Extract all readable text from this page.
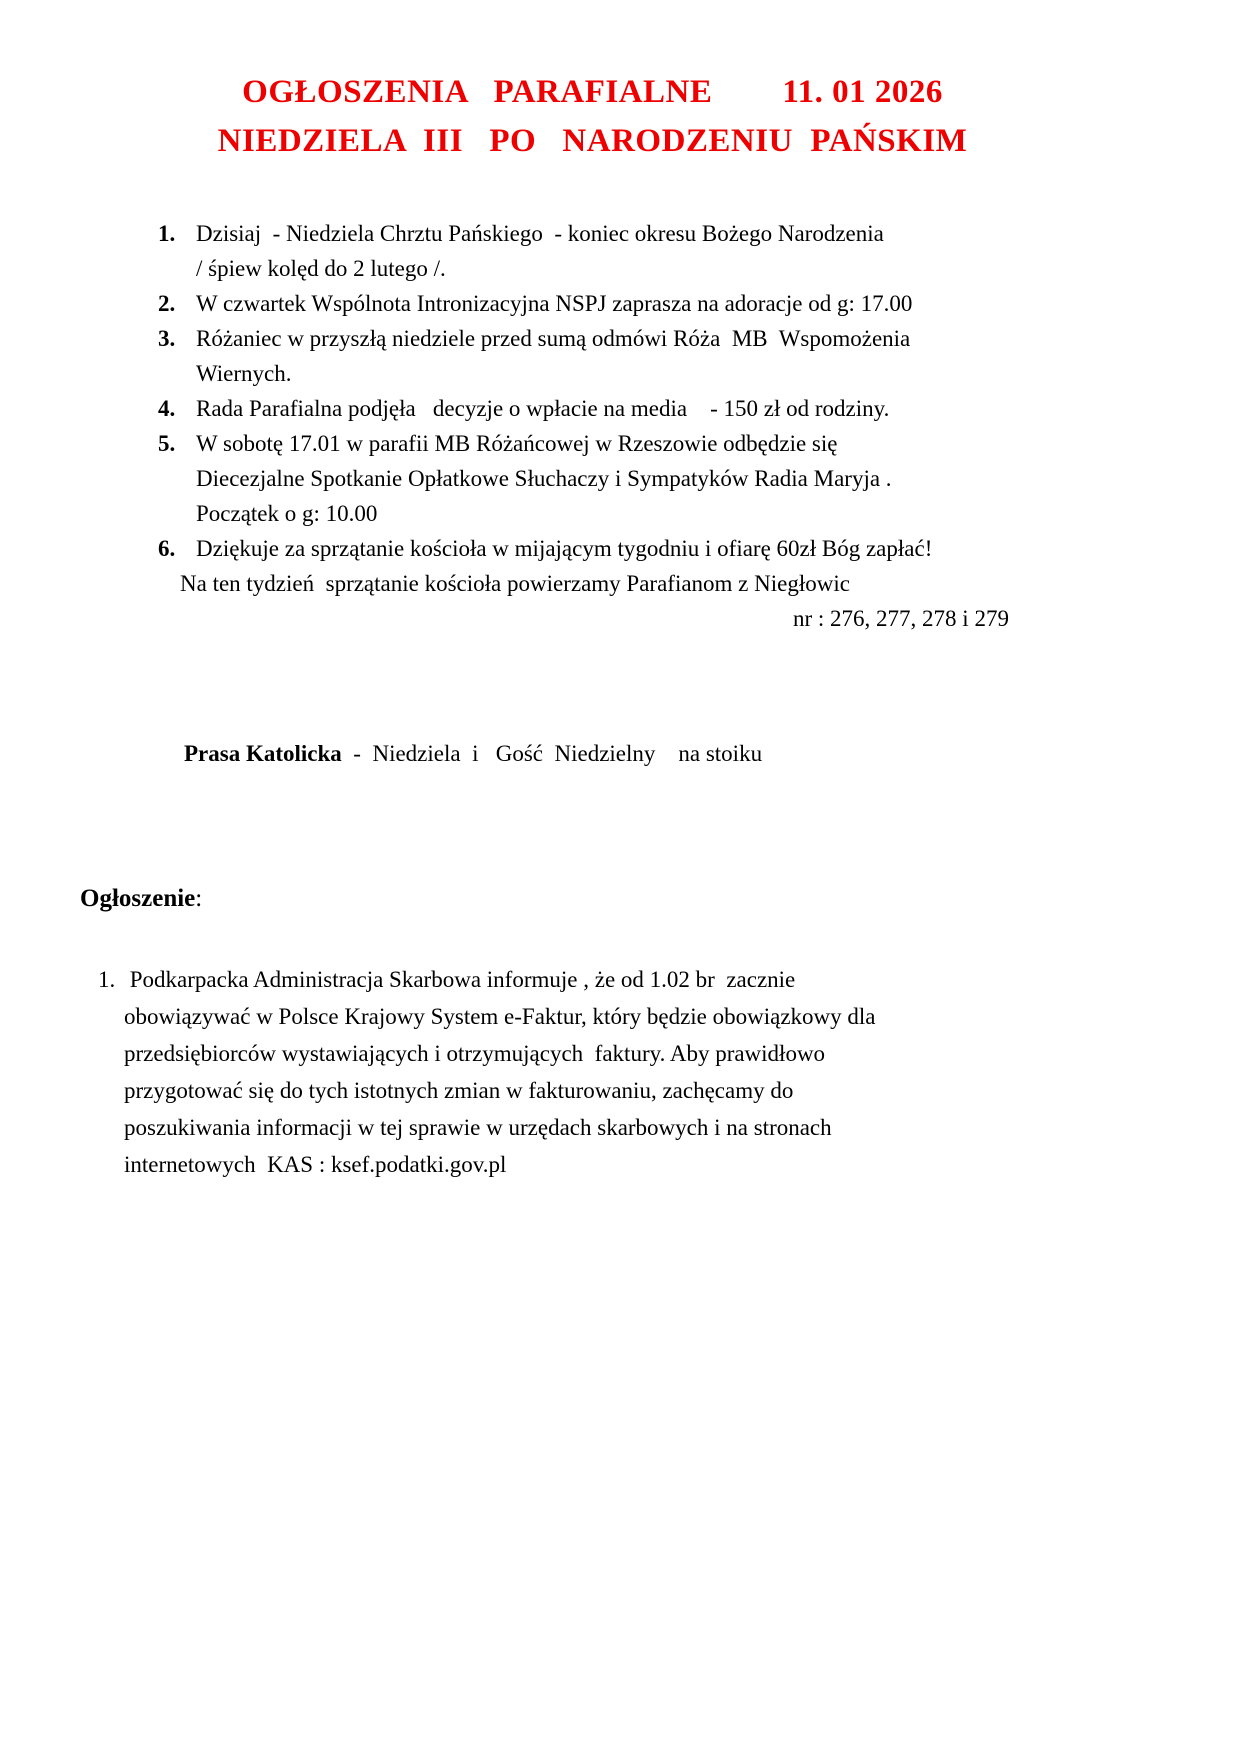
OGŁOSZENIA   PARAFIALNE        11. 01 2026
NIEDZIELA  III   PO   NARODZENIU  PAŃSKIM
1. Dzisiaj  - Niedziela Chrztu Pańskiego  - koniec okresu Bożego Narodzenia
/ śpiew kolęd do 2 lutego /.
2. W czwartek Wspólnota Intronizacyjna NSPJ zaprasza na adoracje od g: 17.00
3. Różaniec w przyszłą niedziele przed sumą odmówi Róża  MB  Wspomożenia
Wiernych.
4. Rada Parafialna podjęła   decyzje o wpłacie na media    - 150 zł od rodziny.
5. W sobotę 17.01 w parafii MB Różańcowej w Rzeszowie odbędzie się
Diecezjalne Spotkanie Opłatkowe Słuchaczy i Sympatyków Radia Maryja .
Początek o g: 10.00
6. Dziękuje za sprzątanie kościoła w mijającym tygodniu i ofiarę 60zł Bóg zapłać!
Na ten tydzień  sprzątanie kościoła powierzamy Parafianom z Niegłowic
nr : 276, 277, 278 i 279
Prasa Katolicka  -  Niedziela  i   Gość  Niedzielny    na stoiku
Ogłoszenie:
1. Podkarpacka Administracja Skarbowa informuje , że od 1.02 br  zacznie
obowiązywać w Polsce Krajowy System e-Faktur, który będzie obowiązkowy dla
przedsiębiorców wystawiających i otrzymujących  faktury. Aby prawidłowo
przygotować się do tych istotnych zmian w fakturowaniu, zachęcamy do
poszukiwania informacji w tej sprawie w urzędach skarbowych i na stronach
internetowych  KAS : ksef.podatki.gov.pl
